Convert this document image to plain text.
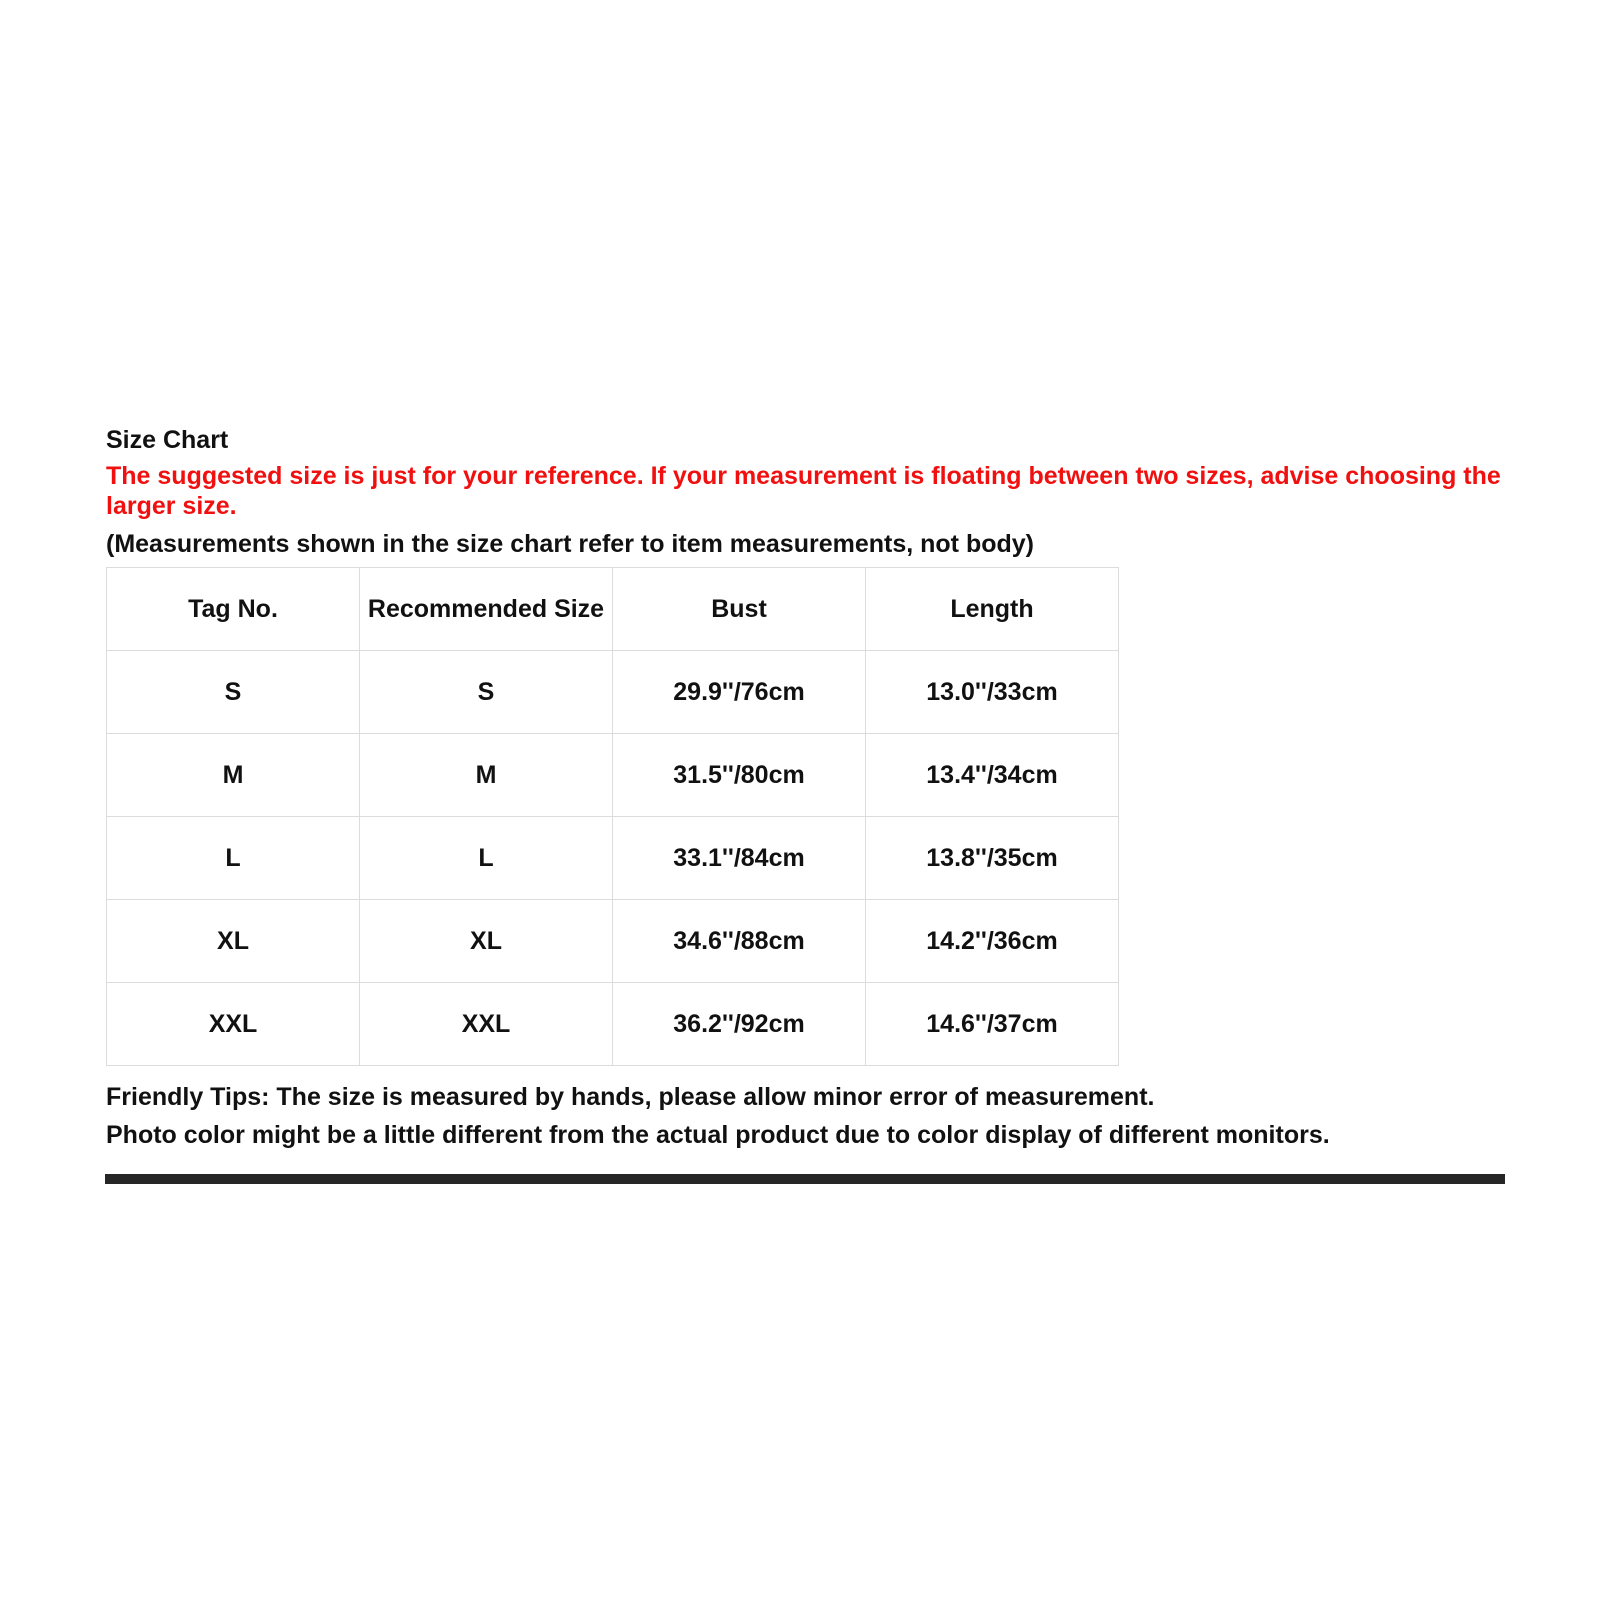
Size Chart

The suggested size is just for your reference. If your measurement is floating between two sizes, advise choosing the larger size.

(Measurements shown in the size chart refer to item measurements, not body)

Tag No.	Recommended Size	Bust	Length
S	S	29.9''/76cm	13.0''/33cm
M	M	31.5''/80cm	13.4''/34cm
L	L	33.1''/84cm	13.8''/35cm
XL	XL	34.6''/88cm	14.2''/36cm
XXL	XXL	36.2''/92cm	14.6''/37cm
Friendly Tips: The size is measured by hands, please allow minor error of measurement.
Photo color might be a little different from the actual product due to color display of different monitors.
